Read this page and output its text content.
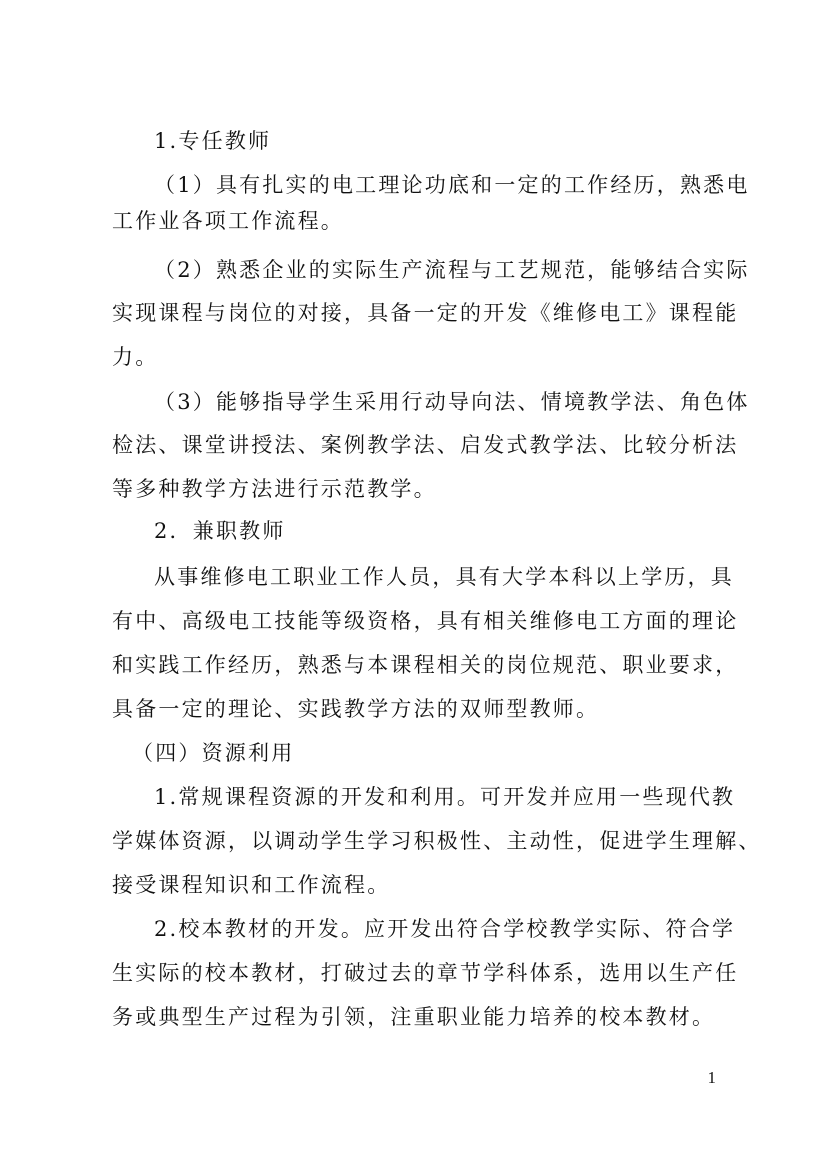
1.专任教师
（1）具有扎实的电工理论功底和一定的工作经历，熟悉电
工作业各项工作流程。
（2）熟悉企业的实际生产流程与工艺规范，能够结合实际
实现课程与岗位的对接，具备一定的开发《维修电工》课程能
力。
（3）能够指导学生采用行动导向法、情境教学法、角色体
检法、课堂讲授法、案例教学法、启发式教学法、比较分析法
等多种教学方法进行示范教学。
2．兼职教师
从事维修电工职业工作人员，具有大学本科以上学历，具
有中、高级电工技能等级资格，具有相关维修电工方面的理论
和实践工作经历，熟悉与本课程相关的岗位规范、职业要求，
具备一定的理论、实践教学方法的双师型教师。
（四）资源利用
1.常规课程资源的开发和利用。可开发并应用一些现代教
学媒体资源，以调动学生学习积极性、主动性，促进学生理解、
接受课程知识和工作流程。
2.校本教材的开发。应开发出符合学校教学实际、符合学
生实际的校本教材，打破过去的章节学科体系，选用以生产任
务或典型生产过程为引领，注重职业能力培养的校本教材。
1
